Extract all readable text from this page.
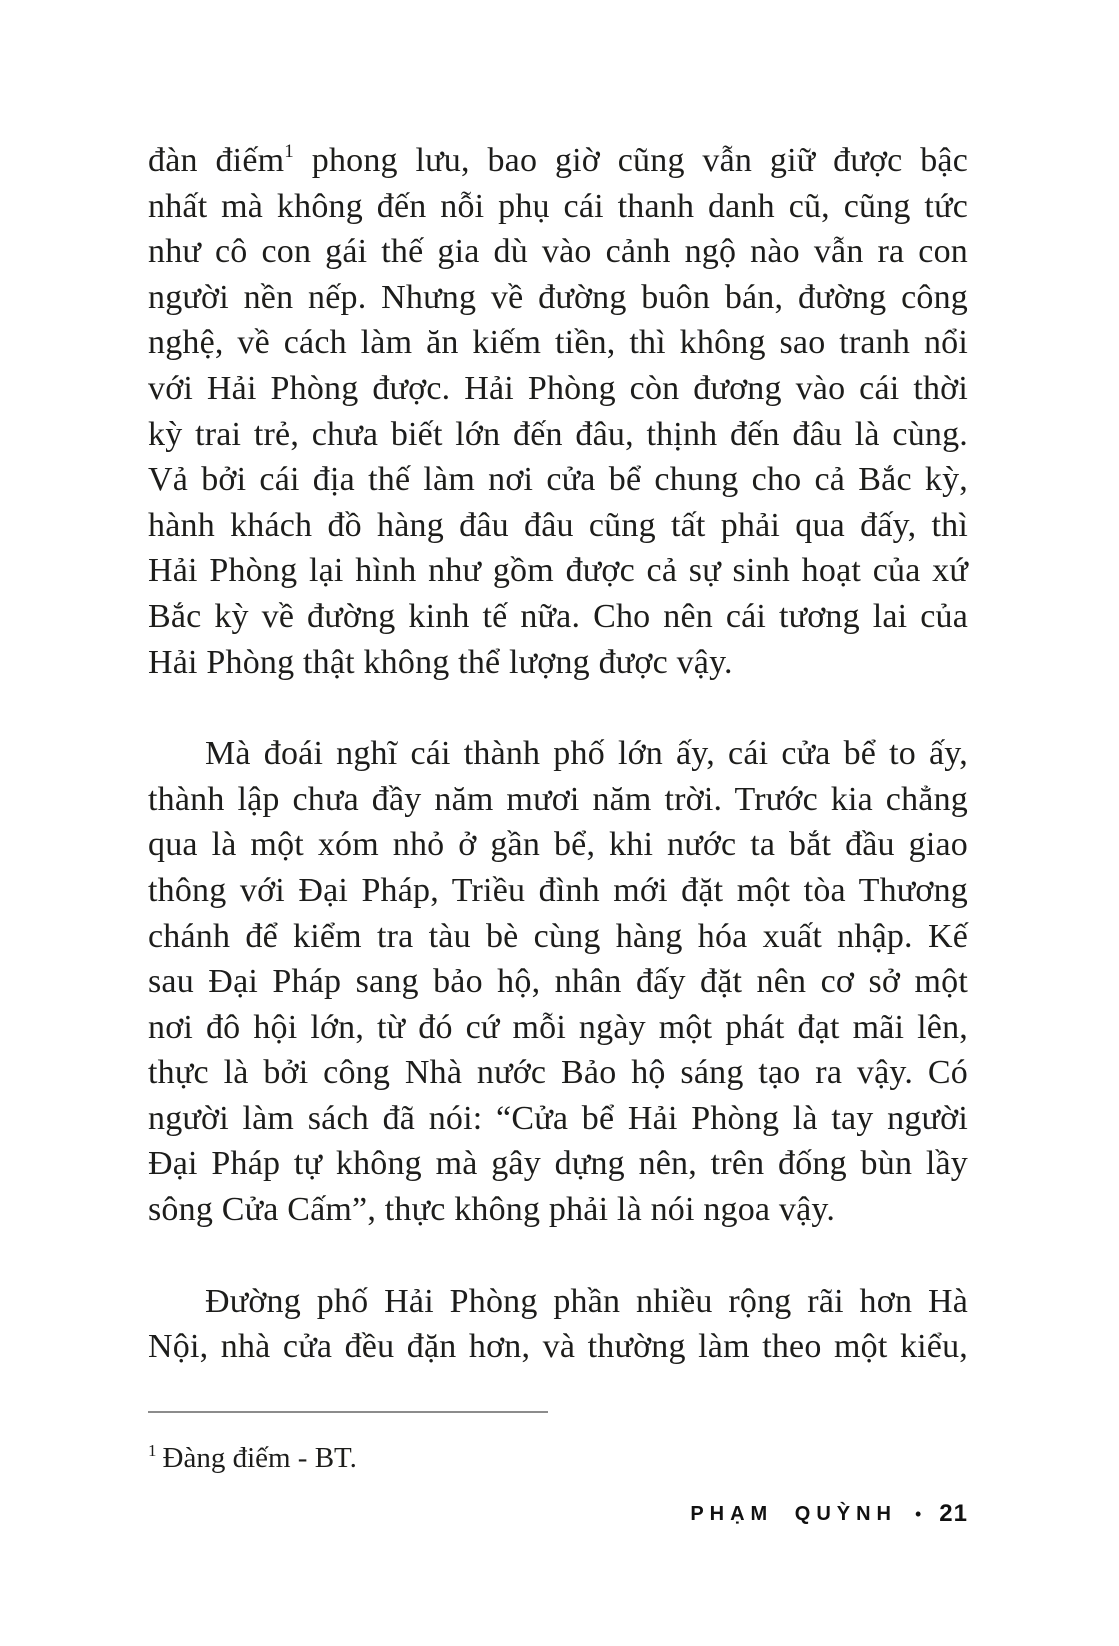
đàn điếm$^1$ phong lưu, bao giờ cũng vẫn giữ được bậc
nhất mà không đến nỗi phụ cái thanh danh cũ, cũng tức
như cô con gái thế gia dù vào cảnh ngộ nào vẫn ra con
người nền nếp. Nhưng về đường buôn bán, đường công
nghệ, về cách làm ăn kiếm tiền, thì không sao tranh nổi
với Hải Phòng được. Hải Phòng còn đương vào cái thời
kỳ trai trẻ, chưa biết lớn đến đâu, thịnh đến đâu là cùng.
Vả bởi cái địa thế làm nơi cửa bể chung cho cả Bắc kỳ,
hành khách đồ hàng đâu đâu cũng tất phải qua đấy, thì
Hải Phòng lại hình như gồm được cả sự sinh hoạt của xứ
Bắc kỳ về đường kinh tế nữa. Cho nên cái tương lai của
Hải Phòng thật không thể lượng được vậy.
Mà đoái nghĩ cái thành phố lớn ấy, cái cửa bể to ấy,
thành lập chưa đầy năm mươi năm trời. Trước kia chẳng
qua là một xóm nhỏ ở gần bể, khi nước ta bắt đầu giao
thông với Đại Pháp, Triều đình mới đặt một tòa Thương
chánh để kiểm tra tàu bè cùng hàng hóa xuất nhập. Kế
sau Đại Pháp sang bảo hộ, nhân đấy đặt nên cơ sở một
nơi đô hội lớn, từ đó cứ mỗi ngày một phát đạt mãi lên,
thực là bởi công Nhà nước Bảo hộ sáng tạo ra vậy. Có
người làm sách đã nói: “Cửa bể Hải Phòng là tay người
Đại Pháp tự không mà gây dựng nên, trên đống bùn lầy
sông Cửa Cấm”, thực không phải là nói ngoa vậy.
Đường phố Hải Phòng phần nhiều rộng rãi hơn Hà
Nội, nhà cửa đều đặn hơn, và thường làm theo một kiểu,
$^1$ Đàng điếm - BT.
PHẠM QUỲNH • 21
